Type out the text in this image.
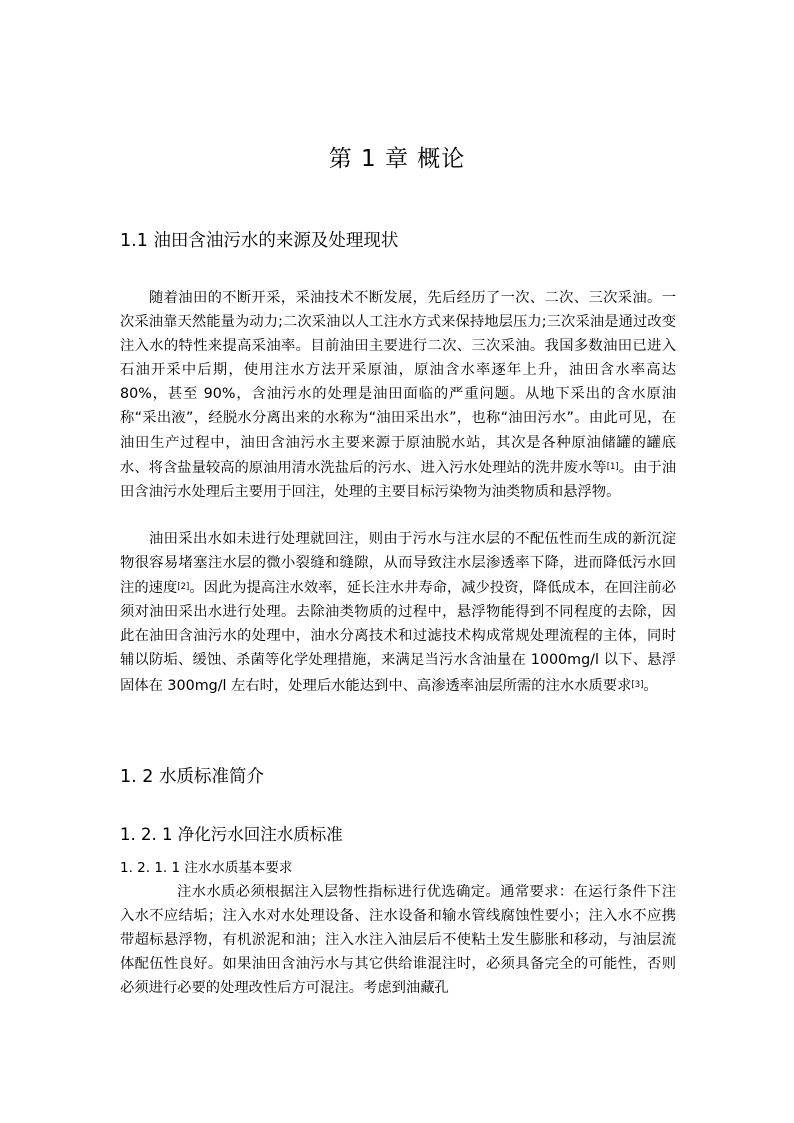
第 1 章 概论
1.1 油田含油污水的来源及处理现状

随着油田的不断开采，采油技术不断发展，先后经历了一次、二次、三次采油。一次采油靠天然能量为动力;二次采油以人工注水方式来保持地层压力;三次采油是通过改变注入水的特性来提高采油率。目前油田主要进行二次、三次采油。我国多数油田已进入石油开采中后期，使用注水方法开采原油，原油含水率逐年上升，油田含水率高达 80%，甚至 90%，含油污水的处理是油田面临的严重问题。从地下采出的含水原油称“采出液”，经脱水分离出来的水称为“油田采出水”，也称“油田污水”。由此可见，在油田生产过程中，油田含油污水主要来源于原油脱水站，其次是各种原油储罐的罐底水、将含盐量较高的原油用清水洗盐后的污水、进入污水处理站的洗井废水等[1]。由于油田含油污水处理后主要用于回注，处理的主要目标污染物为油类物质和悬浮物。

油田采出水如未进行处理就回注，则由于污水与注水层的不配伍性而生成的新沉淀物很容易堵塞注水层的微小裂缝和缝隙，从而导致注水层渗透率下降，进而降低污水回注的速度[2]。因此为提高注水效率，延长注水井寿命，减少投资，降低成本，在回注前必须对油田采出水进行处理。去除油类物质的过程中，悬浮物能得到不同程度的去除，因此在油田含油污水的处理中，油水分离技术和过滤技术构成常规处理流程的主体，同时辅以防垢、缓蚀、杀菌等化学处理措施，来满足当污水含油量在 1000mg/l 以下、悬浮固体在 300mg/l 左右时，处理后水能达到中、高渗透率油层所需的注水水质要求[3]。

1. 2 水质标准简介
1. 2. 1 净化污水回注水质标准
1. 2. 1. 1 注水水质基本要求

注水水质必须根据注入层物性指标进行优选确定。通常要求：在运行条件下注入水不应结垢；注入水对水处理设备、注水设备和输水管线腐蚀性要小；注入水不应携带超标悬浮物，有机淤泥和油；注入水注入油层后不使粘土发生膨胀和移动，与油层流体配伍性良好。如果油田含油污水与其它供给谁混注时，必须具备完全的可能性，否则必须进行必要的处理改性后方可混注。考虑到油藏孔
